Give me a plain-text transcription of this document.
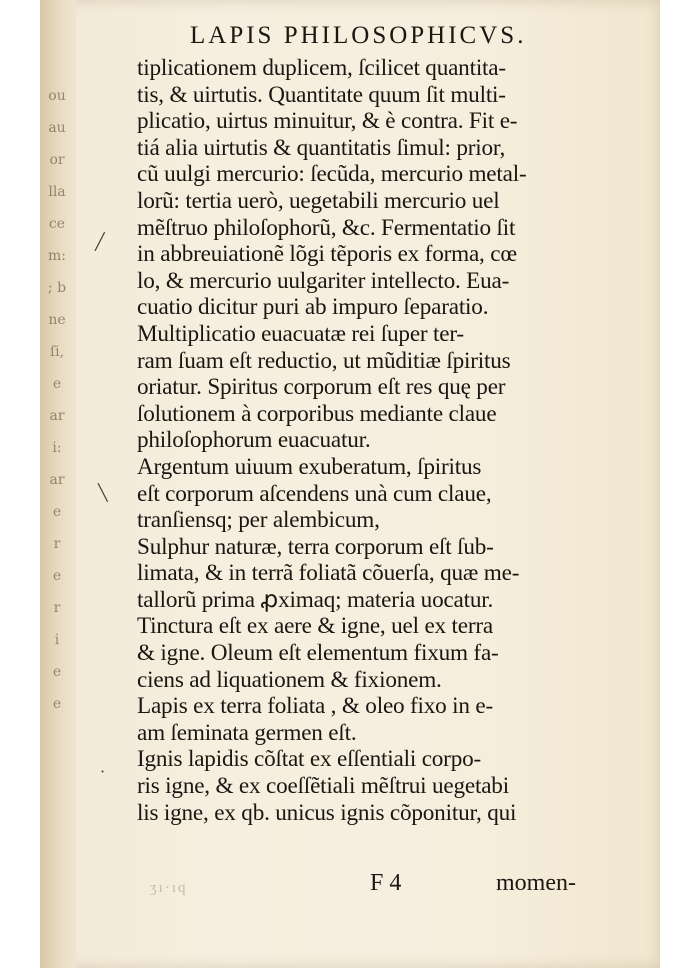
ou
au
or
lla
ce
m:
; b
ne
ſi,
e
ar
i:
ar
e
r
e
r
i
e
e
LAPIS PHILOSOPHICVS.
tiplicationem duplicem, ſcilicet quantita-
tis, & uirtutis. Quantitate quum ſit multi-
plicatio, uirtus minuitur, & è contra. Fit e-
tiá alia uirtutis & quantitatis ſimul: prior,
cũ uulgi mercurio: ſecũda, mercurio metal-
lorũ: tertia uerò, uegetabili mercurio uel
mẽſtruo philoſophorũ, &c. Fermentatio ſit
in abbreuiationẽ lõgi tẽporis ex forma, cœ
lo, & mercurio uulgariter intellecto. Eua-
cuatio dicitur puri ab impuro ſeparatio.
Multiplicatio euacuatæ rei ſuper ter-
ram ſuam eſt reductio, ut mũditiæ ſpiritus
oriatur. Spiritus corporum eſt res quę per
ſolutionem à corporibus mediante claue
philoſophorum euacuatur.
Argentum uiuum exuberatum, ſpiritus
eſt corporum aſcendens unà cum claue,
tranſiensq; per alembicum,
Sulphur naturæ, terra corporum eſt ſub-
limata, & in terrã foliatã cõuerſa, quæ me-
tallorũ prima ꝓximaq; materia uocatur.
Tinctura eſt ex aere & igne, uel ex terra
& igne. Oleum eſt elementum fixum fa-
ciens ad liquationem & fixionem.
Lapis ex terra foliata , & oleo fixo in e-
am ſeminata germen eſt.
Ignis lapidis cõſtat ex eſſentiali corpo-
ris igne, & ex coeſſẽtiali mẽſtrui uegetabi
lis igne, ex qb. unicus ignis cõponitur, qui
ʒı·ıq	F 4	momen-
╱
╲
·
